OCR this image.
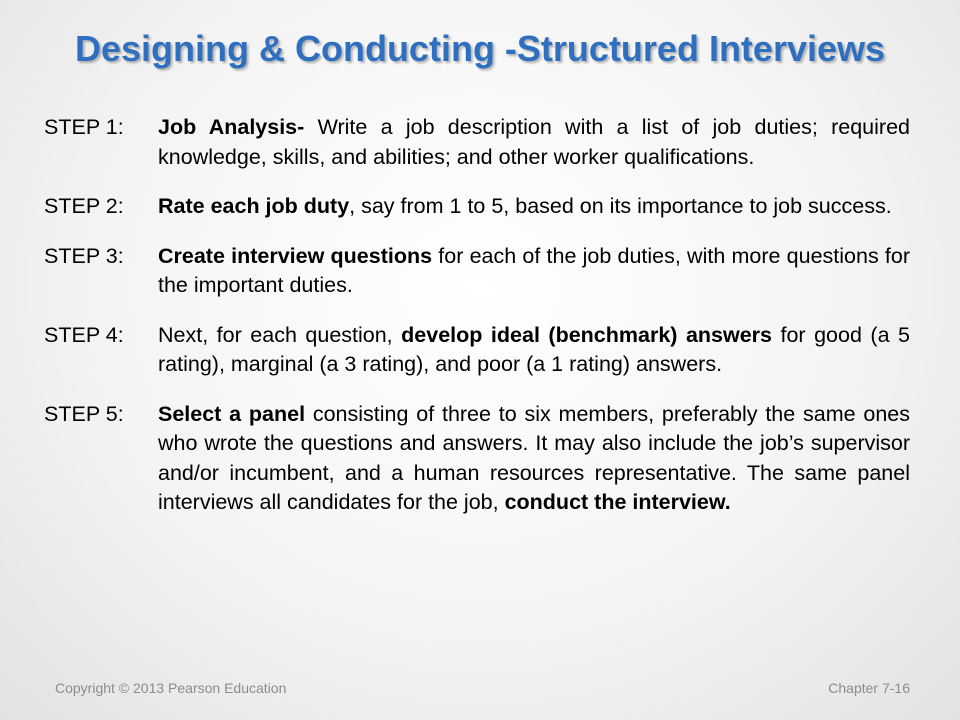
Designing & Conducting -Structured Interviews
STEP 1: Job Analysis- Write a job description with a list of job duties; required knowledge, skills, and abilities; and other worker qualifications.
STEP 2: Rate each job duty, say from 1 to 5, based on its importance to job success.
STEP 3: Create interview questions for each of the job duties, with more questions for the important duties.
STEP 4: Next, for each question, develop ideal (benchmark) answers for good (a 5 rating), marginal (a 3 rating), and poor (a 1 rating) answers.
STEP 5: Select a panel consisting of three to six members, preferably the same ones who wrote the questions and answers. It may also include the job’s supervisor and/or incumbent, and a human resources representative. The same panel interviews all candidates for the job, conduct the interview.
Copyright © 2013 Pearson Education	Chapter 7-16
